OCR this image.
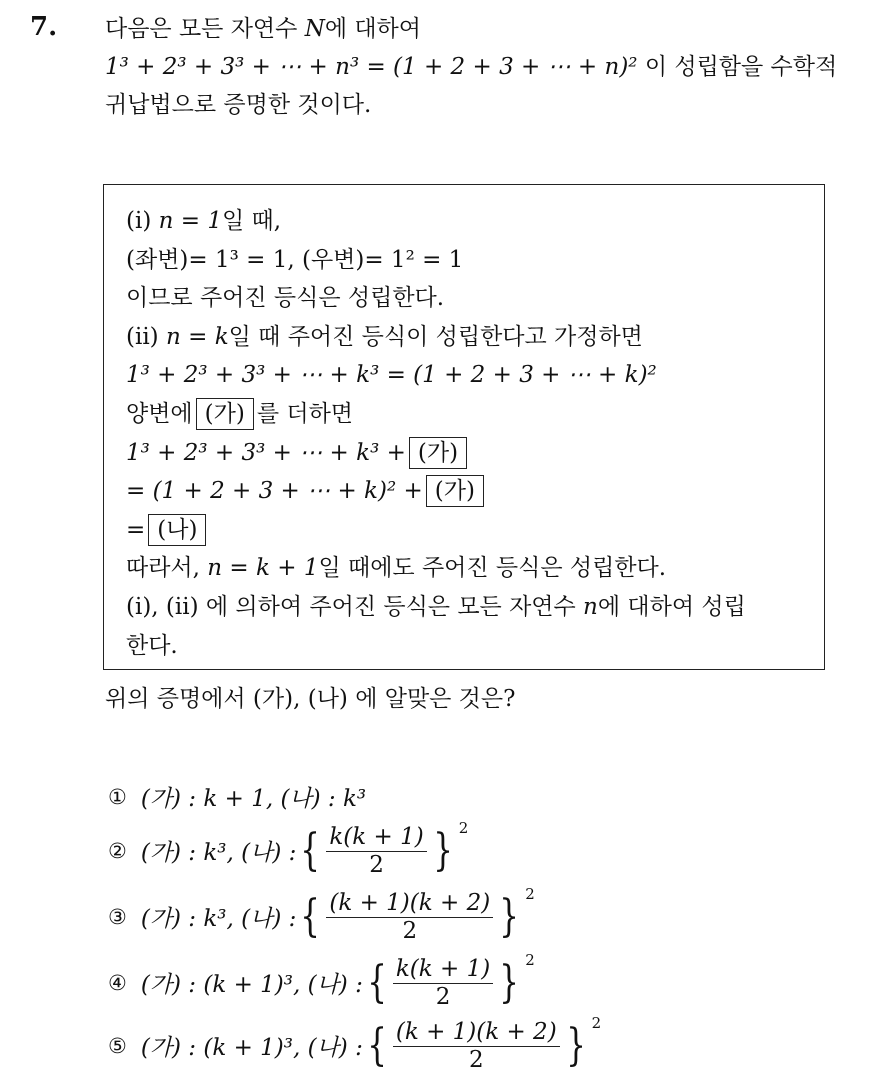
7. 다음은 모든 자연수 N에 대하여
1³ + 2³ + 3³ + ⋯ + n³ = (1 + 2 + 3 + ⋯ + n)² 이 성립함을 수학적
귀납법으로 증명한 것이다.
(i) n = 1일 때,
(좌변)= 1³ = 1, (우변)= 1² = 1
이므로 주어진 등식은 성립한다.
(ii) n = k일 때 주어진 등식이 성립한다고 가정하면
1³ + 2³ + 3³ + ⋯ + k³ = (1 + 2 + 3 + ⋯ + k)²
양변에 (가) 를 더하면
1³ + 2³ + 3³ + ⋯ + k³ + (가)
= (1 + 2 + 3 + ⋯ + k)² + (가)
= (나)
따라서, n = k + 1일 때에도 주어진 등식은 성립한다.
(i), (ii) 에 의하여 주어진 등식은 모든 자연수 n에 대하여 성립
한다.
위의 증명에서 (가), (나) 에 알맞은 것은?
① (가) : k + 1, (나) : k³
② (가) : k³, (나) : { $\frac{k(k + 1)}{2}$ } 2
③ (가) : k³, (나) : { $\frac{(k + 1)(k + 2)}{2}$ } 2
④ (가) : (k + 1)³, (나) : { $\frac{k(k + 1)}{2}$ } 2
⑤ (가) : (k + 1)³, (나) : { $\frac{(k + 1)(k + 2)}{2}$ } 2
